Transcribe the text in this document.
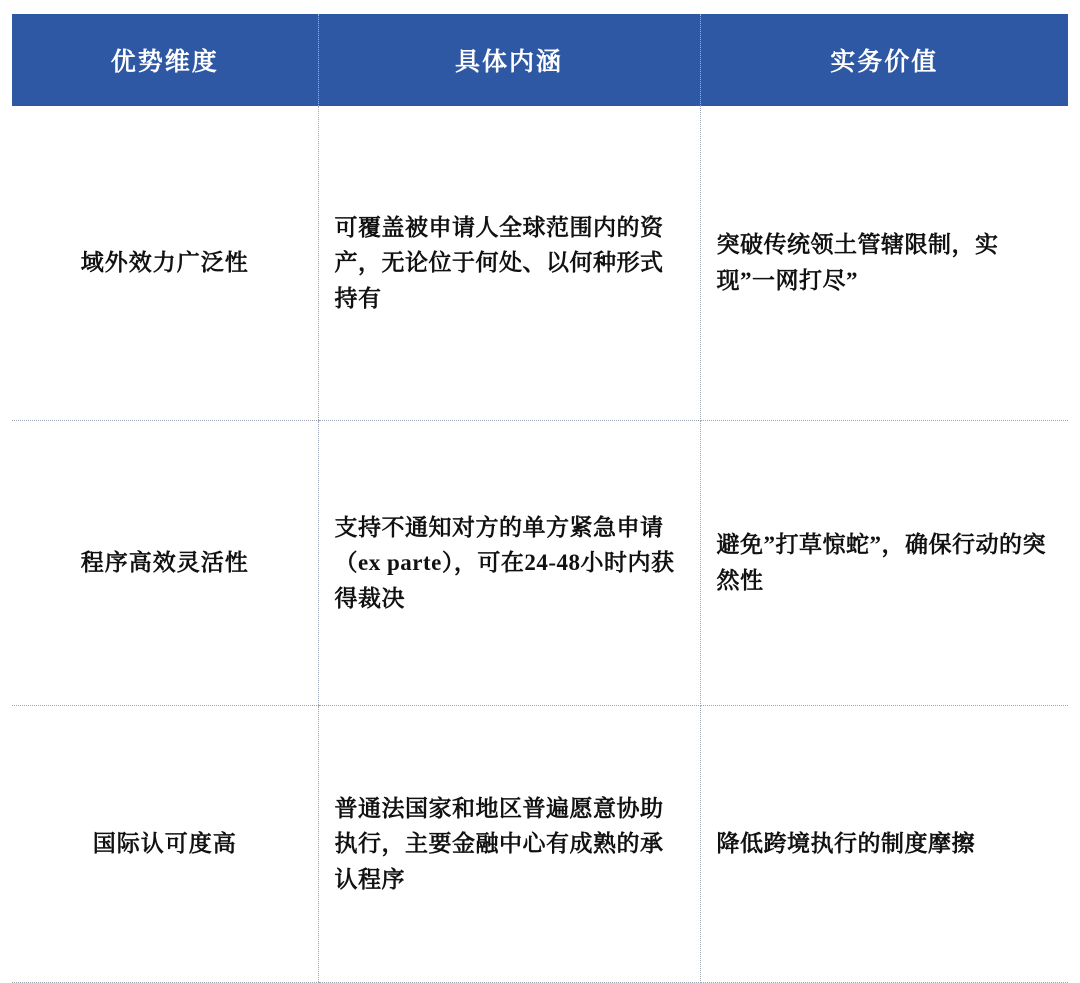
优势维度	具体内涵	实务价值
域外效力广泛性	可覆盖被申请人全球范围内的资产，无论位于何处、以何种形式持有	突破传统领土管辖限制，实现”一网打尽”
程序高效灵活性	支持不通知对方的单方紧急申请（ex parte），可在24-48小时内获得裁决	避免”打草惊蛇”，确保行动的突然性
国际认可度高	普通法国家和地区普遍愿意协助执行，主要金融中心有成熟的承认程序	降低跨境执行的制度摩擦
